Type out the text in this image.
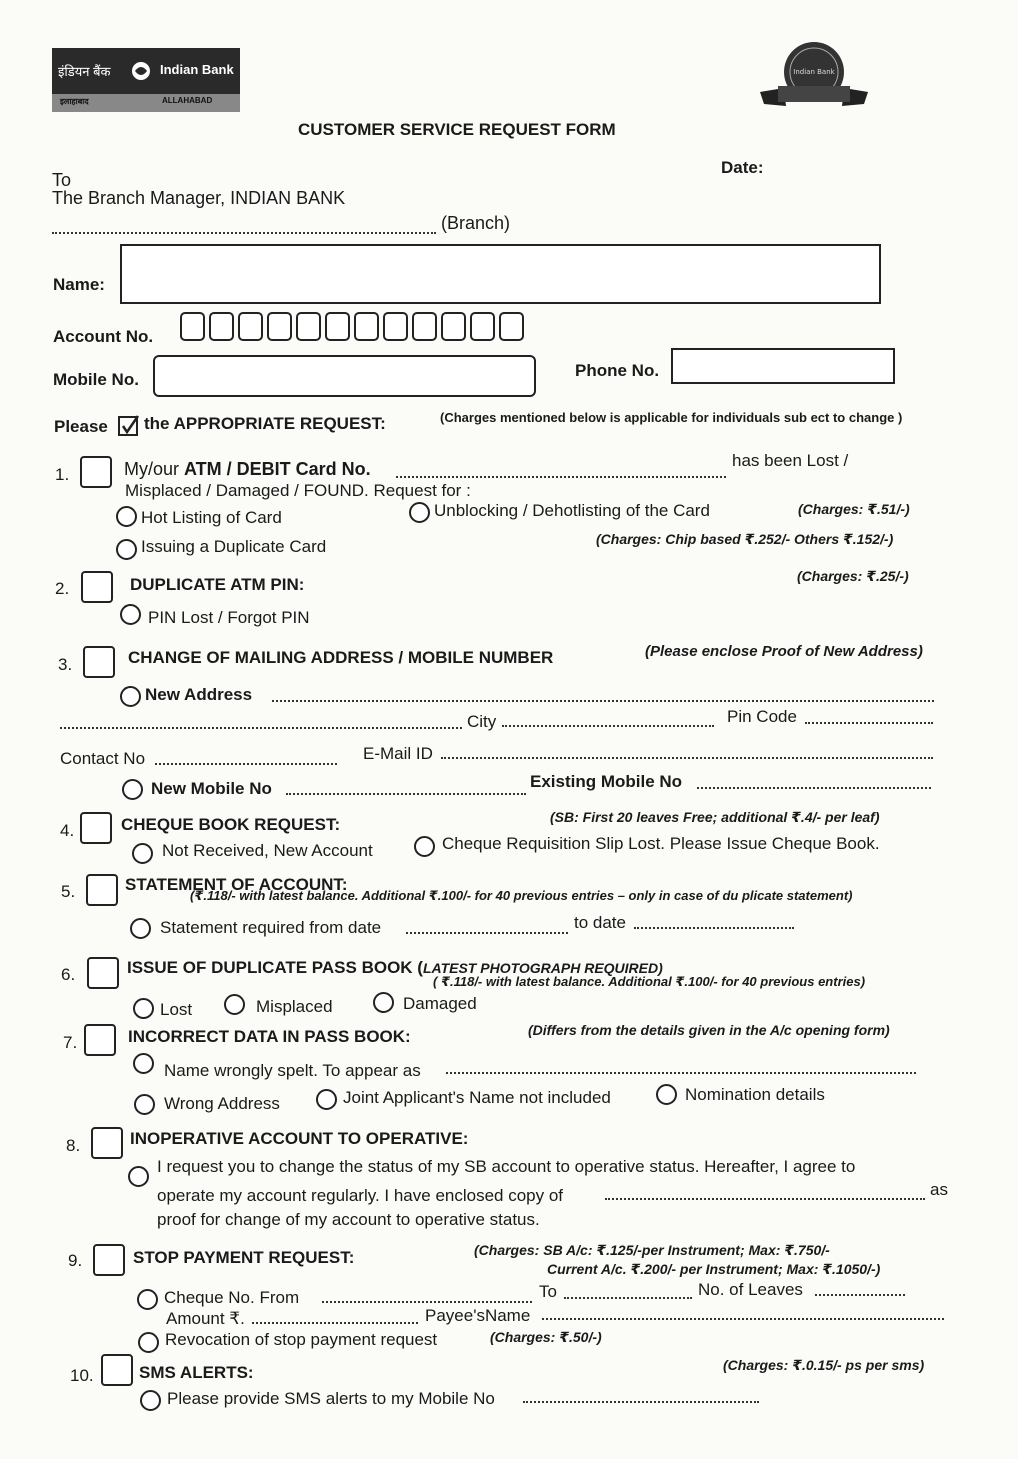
इंडियन बैंक	Indian Bank
इलाहाबाद	ALLAHABAD
Indian Bank
CUSTOMER SERVICE REQUEST FORM
Date:
To
The Branch Manager, INDIAN BANK
(Branch)
Name:
Account No.
Mobile No.	Phone No.
Please the APPROPRIATE REQUEST:	(Charges mentioned below is applicable for individuals sub ect to change )
1.	My/our ATM / DEBIT Card No.	has been Lost /
Misplaced / Damaged / FOUND. Request for :
Hot Listing of Card	Unblocking / Dehotlisting of the Card	(Charges: ₹.51/-)
Issuing a Duplicate Card	(Charges: Chip based ₹.252/- Others ₹.152/-)
2.	DUPLICATE ATM PIN:	(Charges: ₹.25/-)
PIN Lost / Forgot PIN
3.	CHANGE OF MAILING ADDRESS / MOBILE NUMBER	(Please enclose Proof of New Address)
New Address
City	Pin Code
Contact No	E-Mail ID
New Mobile No	Existing Mobile No
4.	CHEQUE BOOK REQUEST:	(SB: First 20 leaves Free; additional ₹.4/- per leaf)
Not Received, New Account	Cheque Requisition Slip Lost. Please Issue Cheque Book.
5.	STATEMENT OF ACCOUNT:
(₹.118/- with latest balance. Additional ₹.100/- for 40 previous entries – only in case of du plicate statement)
Statement required from date	to date
6.	ISSUE OF DUPLICATE PASS BOOK (LATEST PHOTOGRAPH REQUIRED)
( ₹.118/- with latest balance. Additional ₹.100/- for 40 previous entries)
Lost	Misplaced	Damaged
7.	INCORRECT DATA IN PASS BOOK:	(Differs from the details given in the A/c opening form)
Name wrongly spelt. To appear as
Wrong Address	Joint Applicant's Name not included	Nomination details
8.	INOPERATIVE ACCOUNT TO OPERATIVE:
I request you to change the status of my SB account to operative status. Hereafter, I agree to
operate my account regularly. I have enclosed copy of	as
proof for change of my account to operative status.
9.	STOP PAYMENT REQUEST:	(Charges: SB A/c: ₹.125/-per Instrument; Max: ₹.750/-
Current A/c. ₹.200/- per Instrument; Max: ₹.1050/-)
Cheque No. From	To	No. of Leaves
Amount ₹.	Payee'sName
Revocation of stop payment request	(Charges: ₹.50/-)
10.	SMS ALERTS:	(Charges: ₹.0.15/- ps per sms)
Please provide SMS alerts to my Mobile No
